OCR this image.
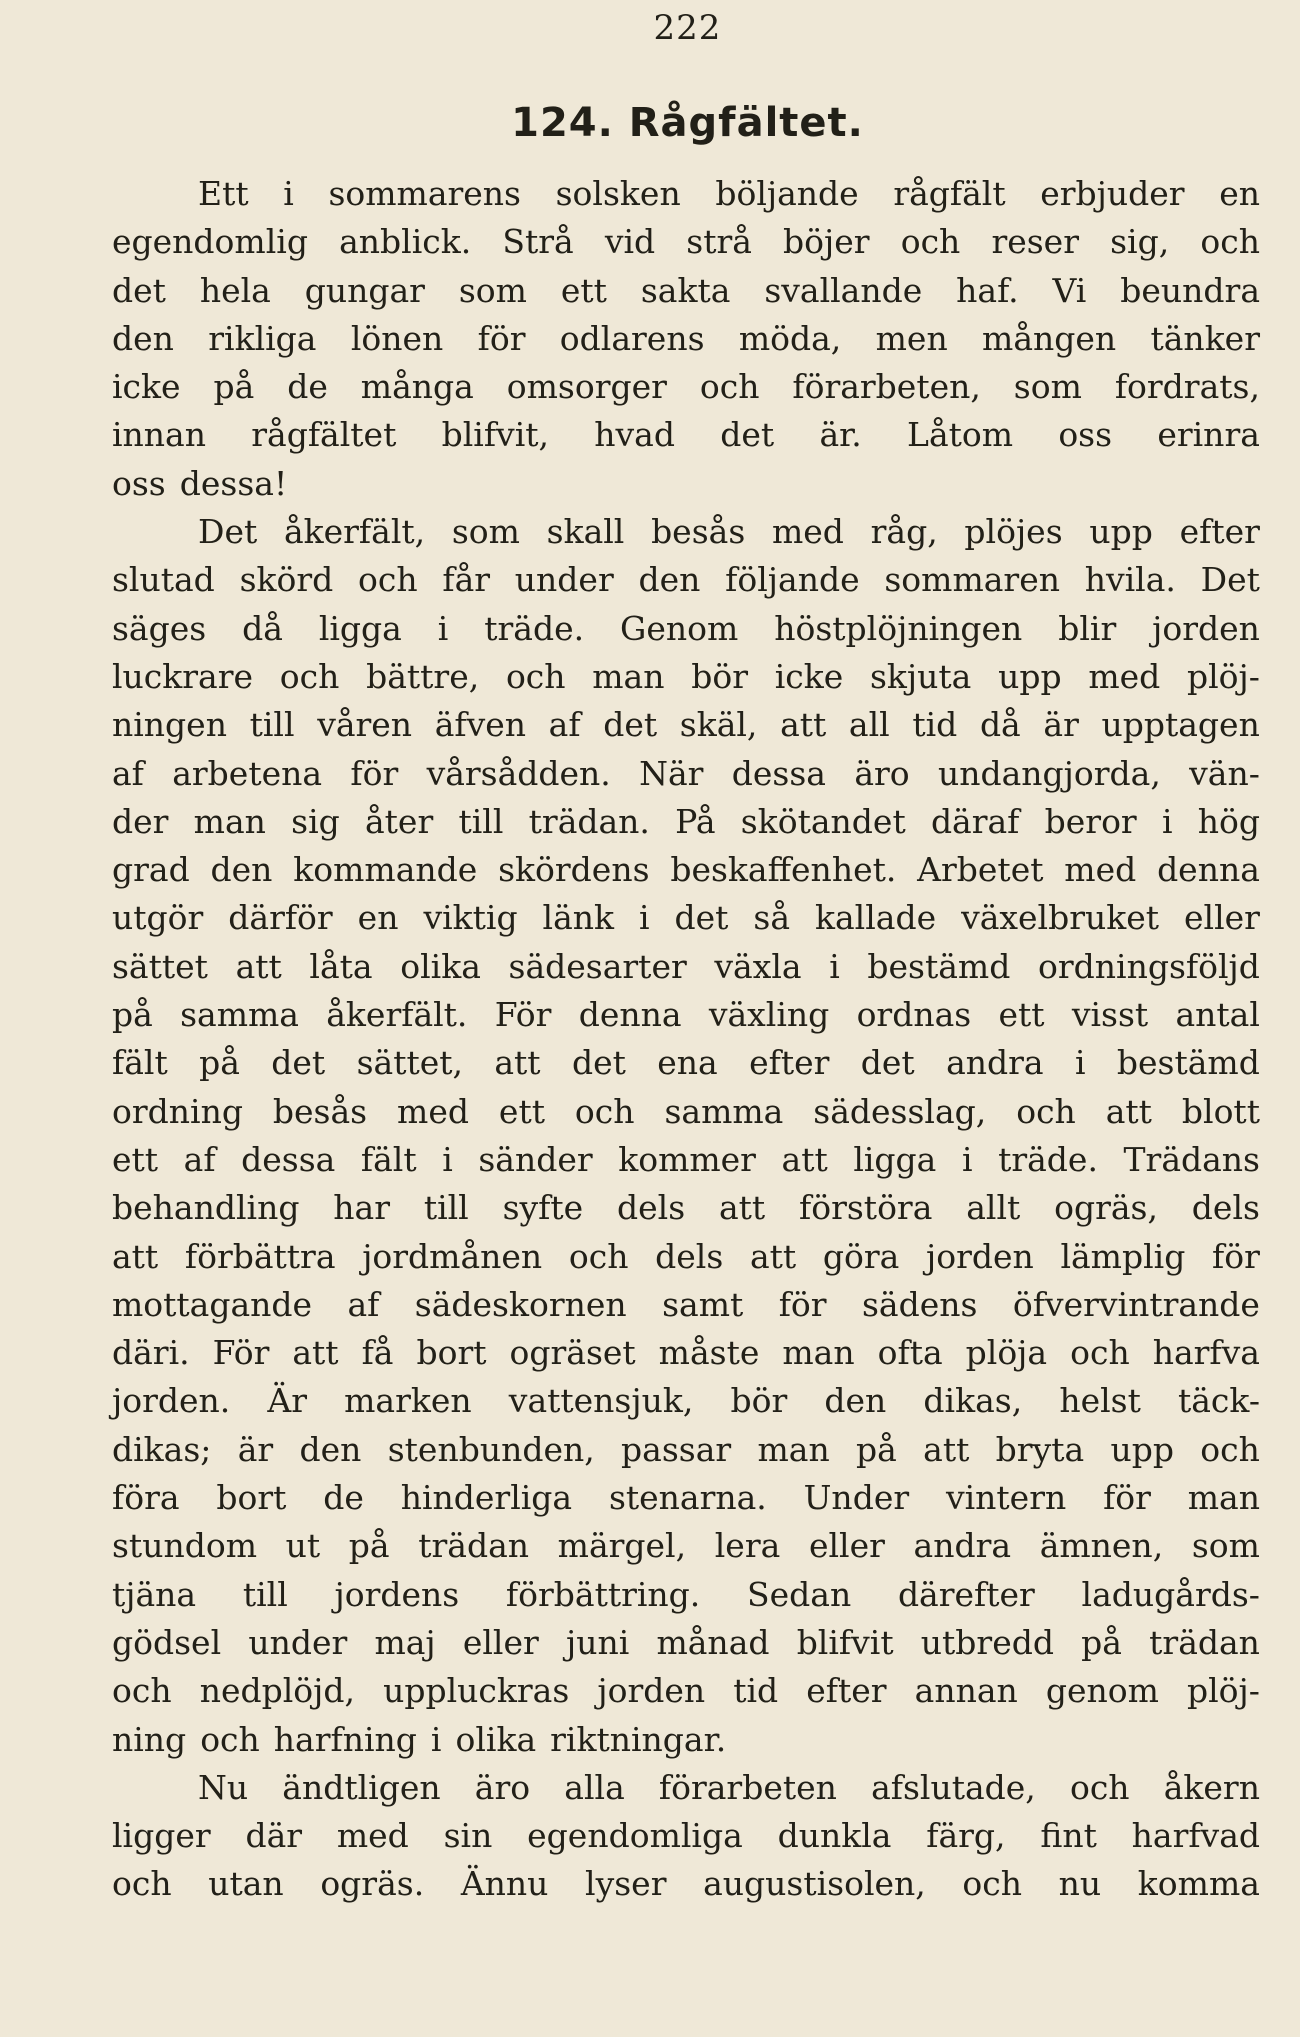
222
124. Rågfältet.
Ett i sommarens solsken böljande rågfält erbjuder en
egendomlig anblick. Strå vid strå böjer och reser sig, och
det hela gungar som ett sakta svallande haf. Vi beundra
den rikliga lönen för odlarens möda, men mången tänker
icke på de många omsorger och förarbeten, som fordrats,
innan rågfältet blifvit, hvad det är. Låtom oss erinra
oss dessa!
Det åkerfält, som skall besås med råg, plöjes upp efter
slutad skörd och får under den följande sommaren hvila. Det
säges då ligga i träde. Genom höstplöjningen blir jorden
luckrare och bättre, och man bör icke skjuta upp med plöj-
ningen till våren äfven af det skäl, att all tid då är upptagen
af arbetena för vårsådden. När dessa äro undangjorda, vän-
der man sig åter till trädan. På skötandet däraf beror i hög
grad den kommande skördens beskaffenhet. Arbetet med denna
utgör därför en viktig länk i det så kallade växelbruket eller
sättet att låta olika sädesarter växla i bestämd ordningsföljd
på samma åkerfält. För denna växling ordnas ett visst antal
fält på det sättet, att det ena efter det andra i bestämd
ordning besås med ett och samma sädesslag, och att blott
ett af dessa fält i sänder kommer att ligga i träde. Trädans
behandling har till syfte dels att förstöra allt ogräs, dels
att förbättra jordmånen och dels att göra jorden lämplig för
mottagande af sädeskornen samt för sädens öfvervintrande
däri. För att få bort ogräset måste man ofta plöja och harfva
jorden. Är marken vattensjuk, bör den dikas, helst täck-
dikas; är den stenbunden, passar man på att bryta upp och
föra bort de hinderliga stenarna. Under vintern för man
stundom ut på trädan märgel, lera eller andra ämnen, som
tjäna till jordens förbättring. Sedan därefter ladugårds-
gödsel under maj eller juni månad blifvit utbredd på trädan
och nedplöjd, uppluckras jorden tid efter annan genom plöj-
ning och harfning i olika riktningar.
Nu ändtligen äro alla förarbeten afslutade, och åkern
ligger där med sin egendomliga dunkla färg, fint harfvad
och utan ogräs. Ännu lyser augustisolen, och nu komma
